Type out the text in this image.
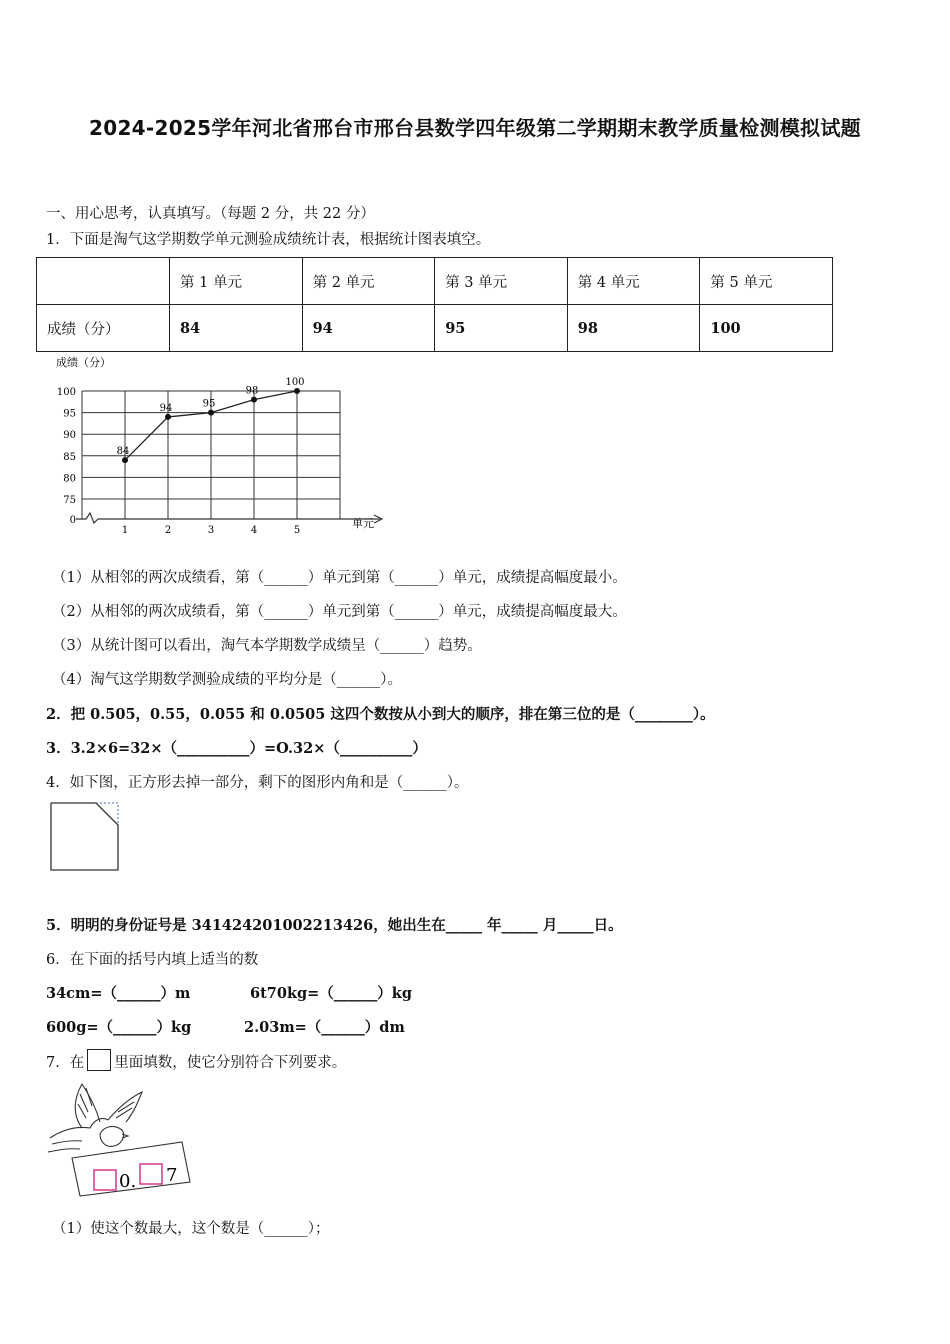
2024-2025学年河北省邢台市邢台县数学四年级第二学期期末教学质量检测模拟试题
一、用心思考，认真填写。（每题 2 分，共 22 分）
1．下面是淘气这学期数学单元测验成绩统计表，根据统计图表填空。
	第 1 单元	第 2 单元	第 3 单元	第 4 单元	第 5 单元
成绩（分）	84	94	95	98	100
成绩（分）
0
75
80
85
90
95
100
1	2	3	4	5
84
94	95
98
100
单元
（1）从相邻的两次成绩看，第（______）单元到第（______）单元，成绩提高幅度最小。
（2）从相邻的两次成绩看，第（______）单元到第（______）单元，成绩提高幅度最大。
（3）从统计图可以看出，淘气本学期数学成绩呈（______）趋势。
（4）淘气这学期数学测验成绩的平均分是（______）。
2．把 0.505，0.55，0.055 和 0.0505 这四个数按从小到大的顺序，排在第三位的是（________）。
3．3.2×6=32×（__________）=O.32×（__________）
4．如下图，正方形去掉一部分，剩下的图形内角和是（______）。
5．明明的身份证号是 341424201002213426，她出生在_____ 年_____ 月_____日。
6．在下面的括号内填上适当的数
34cm=（______）m	6t70kg=（______）kg
600g=（______）kg	2.03m=（______）dm
7．在 里面填数，使它分别符合下列要求。
0. 7
（1）使这个数最大，这个数是（______）；
